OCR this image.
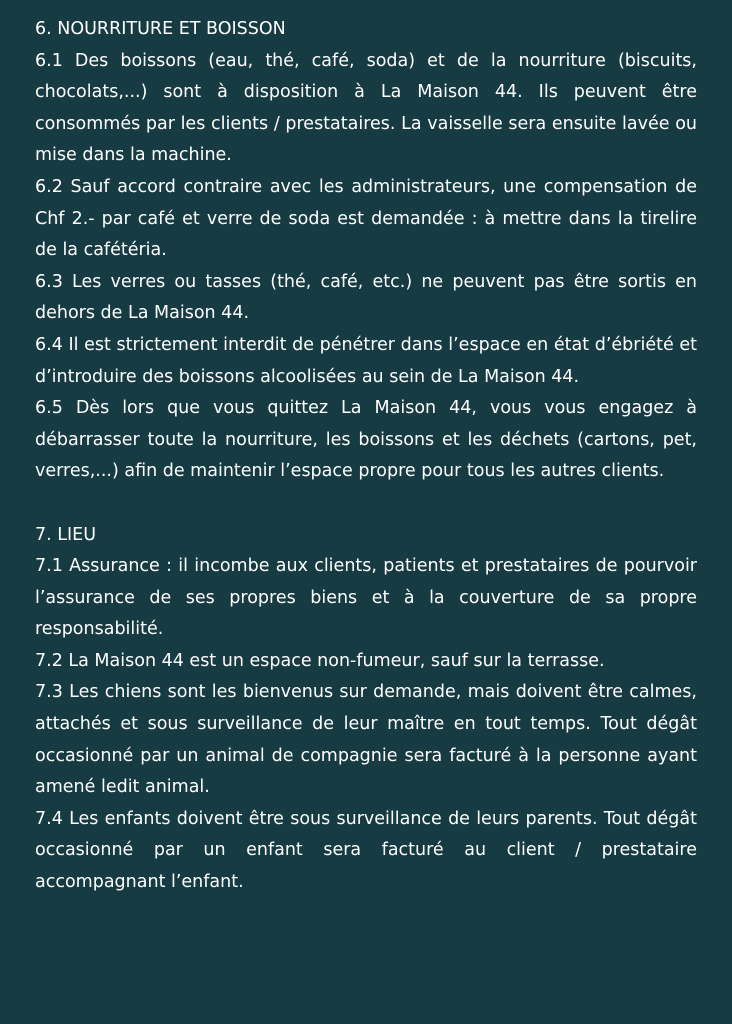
6. NOURRITURE ET BOISSON

6.1 Des boissons (eau, thé, café, soda) et de la nourriture (biscuits, chocolats,...) sont à disposition à La Maison 44. Ils peuvent être consommés par les clients / prestataires. La vaisselle sera ensuite lavée ou mise dans la machine.

6.2 Sauf accord contraire avec les administrateurs, une compensation de Chf 2.- par café et verre de soda est demandée : à mettre dans la tirelire de la cafétéria.

6.3 Les verres ou tasses (thé, café, etc.) ne peuvent pas être sortis en dehors de La Maison 44.

6.4 Il est strictement interdit de pénétrer dans l’espace en état d’ébriété et d’introduire des boissons alcoolisées au sein de La Maison 44.

6.5 Dès lors que vous quittez La Maison 44, vous vous engagez à débarrasser toute la nourriture, les boissons et les déchets (cartons, pet, verres,...) afin de maintenir l’espace propre pour tous les autres clients.

7. LIEU

7.1 Assurance : il incombe aux clients, patients et prestataires de pourvoir l’assurance de ses propres biens et à la couverture de sa propre responsabilité.

7.2 La Maison 44 est un espace non-fumeur, sauf sur la terrasse.

7.3 Les chiens sont les bienvenus sur demande, mais doivent être calmes, attachés et sous surveillance de leur maître en tout temps. Tout dégât occasionné par un animal de compagnie sera facturé à la personne ayant amené ledit animal.

7.4 Les enfants doivent être sous surveillance de leurs parents. Tout dégât occasionné par un enfant sera facturé au client / prestataire accompagnant l’enfant.
